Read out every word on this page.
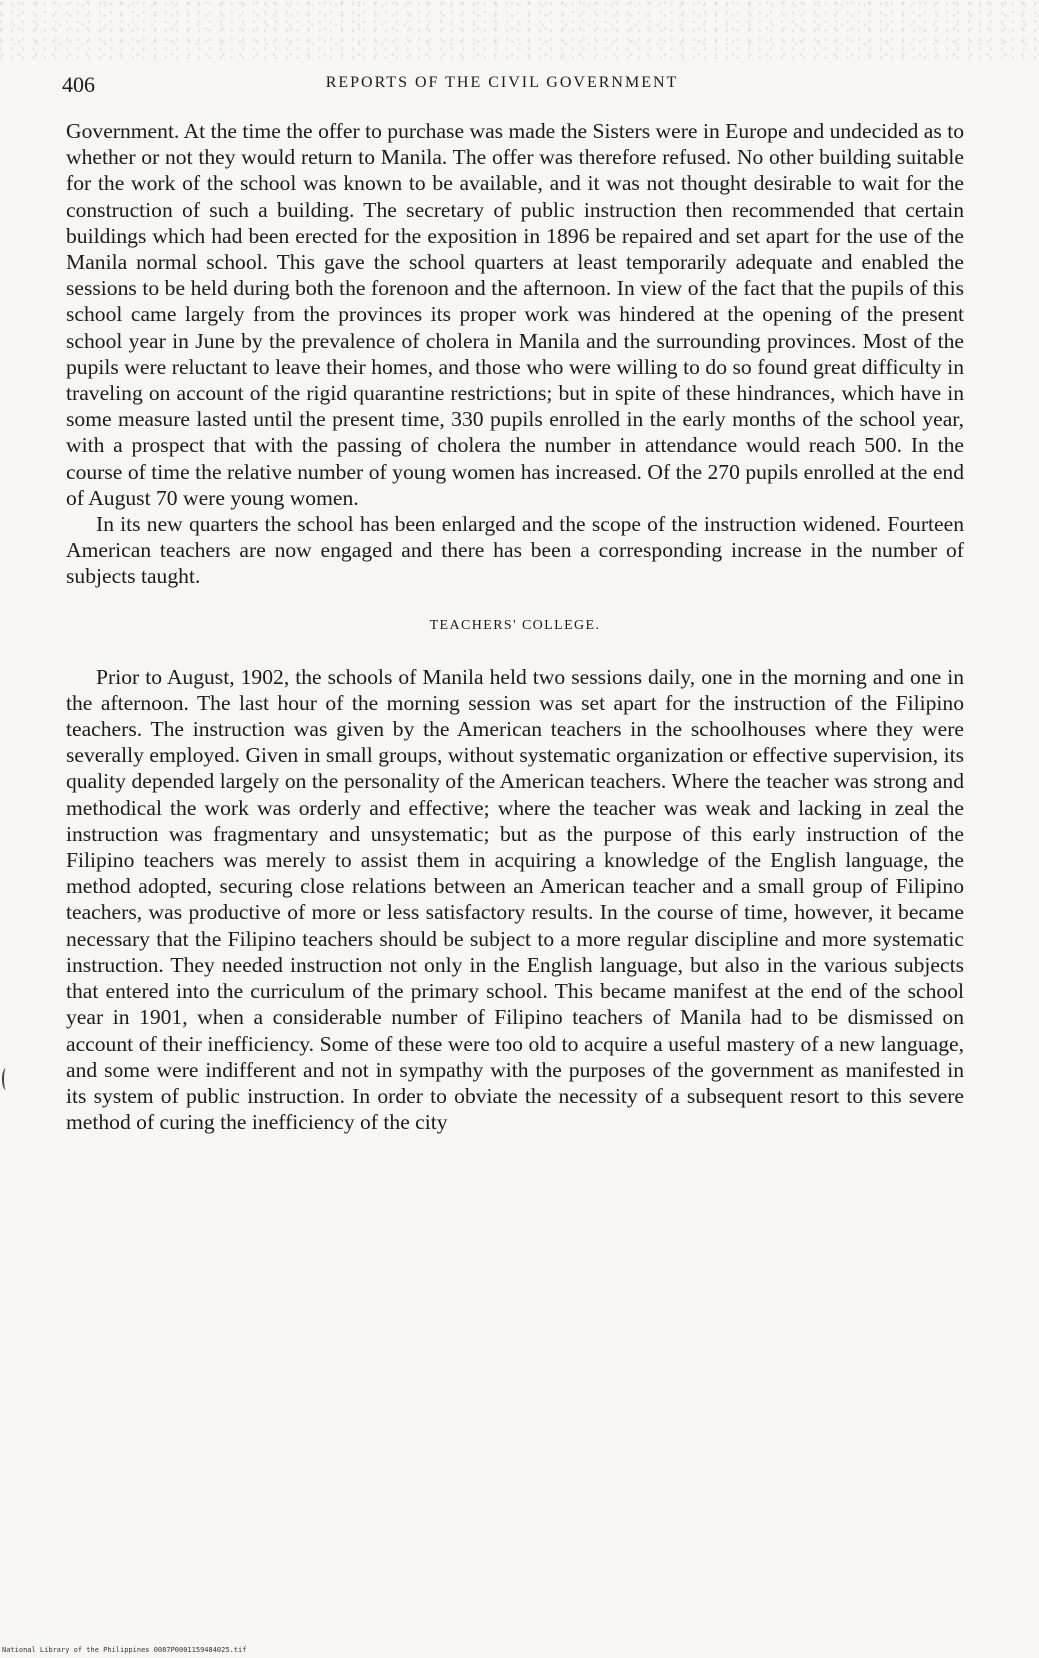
406	REPORTS OF THE CIVIL GOVERNMENT

Government. At the time the offer to purchase was made the Sisters were in Europe and undecided as to whether or not they would return to Manila. The offer was therefore refused. No other building suitable for the work of the school was known to be available, and it was not thought desirable to wait for the construction of such a building. The secretary of public instruction then recommended that certain buildings which had been erected for the exposition in 1896 be repaired and set apart for the use of the Manila normal school. This gave the school quarters at least temporarily adequate and enabled the sessions to be held during both the forenoon and the afternoon. In view of the fact that the pupils of this school came largely from the provinces its proper work was hindered at the opening of the present school year in June by the prevalence of cholera in Manila and the surrounding provinces. Most of the pupils were reluctant to leave their homes, and those who were willing to do so found great difficulty in traveling on account of the rigid quarantine restrictions; but in spite of these hindrances, which have in some measure lasted until the present time, 330 pupils enrolled in the early months of the school year, with a prospect that with the passing of cholera the number in attendance would reach 500. In the course of time the relative number of young women has increased. Of the 270 pupils enrolled at the end of August 70 were young women.

In its new quarters the school has been enlarged and the scope of the instruction widened. Fourteen American teachers are now engaged and there has been a corresponding increase in the number of subjects taught.

TEACHERS' COLLEGE.

Prior to August, 1902, the schools of Manila held two sessions daily, one in the morning and one in the afternoon. The last hour of the morning session was set apart for the instruction of the Filipino teachers. The instruction was given by the American teachers in the schoolhouses where they were severally employed. Given in small groups, without systematic organization or effective supervision, its quality depended largely on the personality of the American teachers. Where the teacher was strong and methodical the work was orderly and effective; where the teacher was weak and lacking in zeal the instruction was fragmentary and unsystematic; but as the purpose of this early instruction of the Filipino teachers was merely to assist them in acquiring a knowledge of the English language, the method adopted, securing close relations between an American teacher and a small group of Filipino teachers, was productive of more or less satisfactory results. In the course of time, however, it became necessary that the Filipino teachers should be subject to a more regular discipline and more systematic instruction. They needed instruction not only in the English language, but also in the various subjects that entered into the curriculum of the primary school. This became manifest at the end of the school year in 1901, when a considerable number of Filipino teachers of Manila had to be dismissed on account of their inefficiency. Some of these were too old to acquire a useful mastery of a new language, and some were indifferent and not in sympathy with the purposes of the government as manifested in its system of public instruction. In order to obviate the necessity of a subsequent resort to this severe method of curing the inefficiency of the city

National Library of the Philippines 0087P0001159484025.tif
